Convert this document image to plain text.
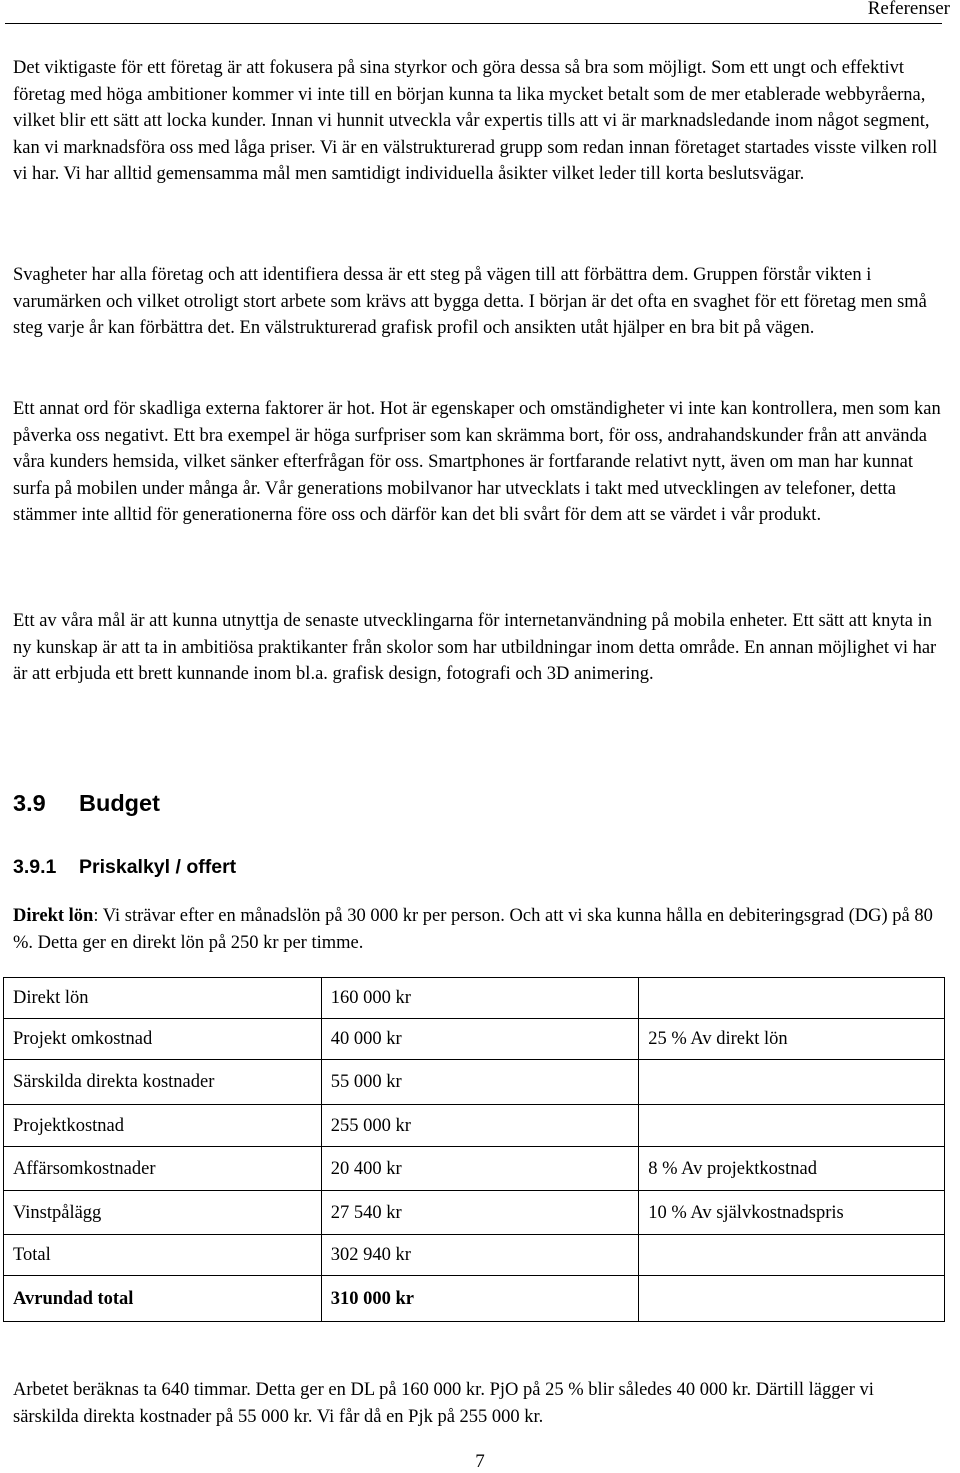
Referenser

Det viktigaste för ett företag är att fokusera på sina styrkor och göra dessa så bra som möjligt. Som ett ungt och effektivt företag med höga ambitioner kommer vi inte till en början kunna ta lika mycket betalt som de mer etablerade webbyråerna, vilket blir ett sätt att locka kunder. Innan vi hunnit utveckla vår expertis tills att vi är marknadsledande inom något segment, kan vi marknadsföra oss med låga priser. Vi är en välstrukturerad grupp som redan innan företaget startades visste vilken roll vi har. Vi har alltid gemensamma mål men samtidigt individuella åsikter vilket leder till korta beslutsvägar.

Svagheter har alla företag och att identifiera dessa är ett steg på vägen till att förbättra dem. Gruppen förstår vikten i varumärken och vilket otroligt stort arbete som krävs att bygga detta. I början är det ofta en svaghet för ett företag men små steg varje år kan förbättra det. En välstrukturerad grafisk profil och ansikten utåt hjälper en bra bit på vägen.

Ett annat ord för skadliga externa faktorer är hot. Hot är egenskaper och omständigheter vi inte kan kontrollera, men som kan påverka oss negativt. Ett bra exempel är höga surfpriser som kan skrämma bort, för oss, andrahandskunder från att använda våra kunders hemsida, vilket sänker efterfrågan för oss. Smartphones är fortfarande relativt nytt, även om man har kunnat surfa på mobilen under många år. Vår generations mobilvanor har utvecklats i takt med utvecklingen av telefoner, detta stämmer inte alltid för generationerna före oss och därför kan det bli svårt för dem att se värdet i vår produkt.

Ett av våra mål är att kunna utnyttja de senaste utvecklingarna för internetanvändning på mobila enheter. Ett sätt att knyta in ny kunskap är att ta in ambitiösa praktikanter från skolor som har utbildningar inom detta område. En annan möjlighet vi har är att erbjuda ett brett kunnande inom bl.a. grafisk design, fotografi och 3D animering.

3.9 Budget
3.9.1 Priskalkyl / offert

Direkt lön: Vi strävar efter en månadslön på 30 000 kr per person. Och att vi ska kunna hålla en debiteringsgrad (DG) på 80 %. Detta ger en direkt lön på 250 kr per timme.

Direkt lön	160 000 kr	
Projekt omkostnad	40 000 kr	25 % Av direkt lön
Särskilda direkta kostnader	55 000 kr	
Projektkostnad	255 000 kr	
Affärsomkostnader	20 400 kr	8 % Av projektkostnad
Vinstpålägg	27 540 kr	10 % Av självkostnadspris
Total	302 940 kr	
Avrundad total	310 000 kr	

Arbetet beräknas ta 640 timmar. Detta ger en DL på 160 000 kr. PjO på 25 % blir således 40 000 kr. Därtill lägger vi särskilda direkta kostnader på 55 000 kr. Vi får då en Pjk på 255 000 kr.

7
